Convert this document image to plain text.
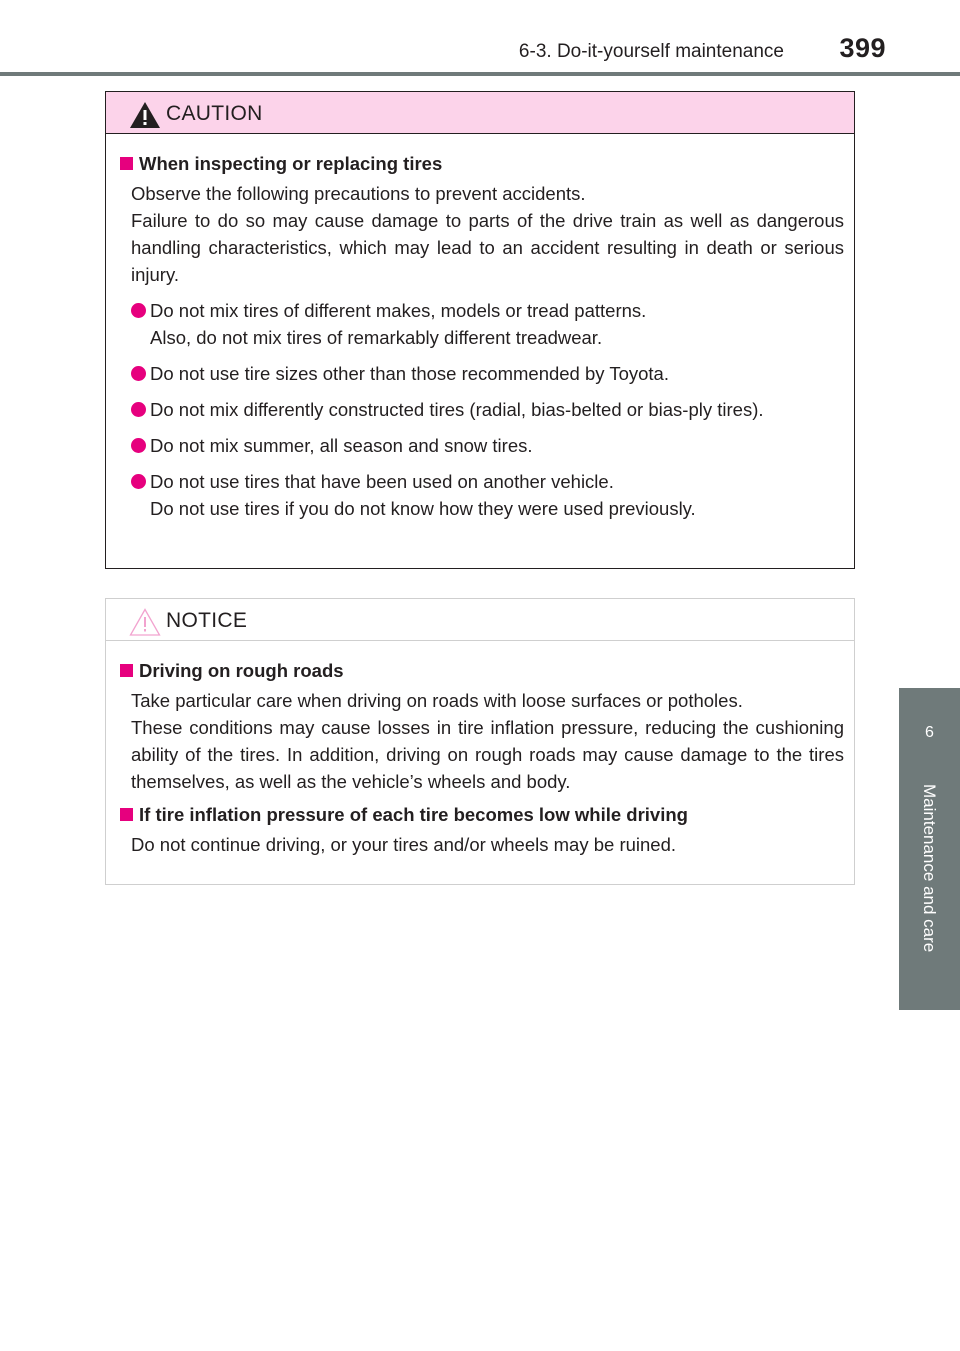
6-3. Do-it-yourself maintenance 399
6
Maintenance and care
CAUTION
When inspecting or replacing tires

Observe the following precautions to prevent accidents.

Failure to do so may cause damage to parts of the drive train as well as dangerous handling characteristics, which may lead to an accident resulting in death or serious injury.

Do not mix tires of different makes, models or tread patterns.

Also, do not mix tires of remarkably different treadwear.

Do not use tire sizes other than those recommended by Toyota.

Do not mix differently constructed tires (radial, bias-belted or bias-ply tires).

Do not mix summer, all season and snow tires.

Do not use tires that have been used on another vehicle.

Do not use tires if you do not know how they were used previously.

NOTICE
Driving on rough roads

Take particular care when driving on roads with loose surfaces or potholes.

These conditions may cause losses in tire inflation pressure, reducing the cushioning ability of the tires. In addition, driving on rough roads may cause damage to the tires themselves, as well as the vehicle’s wheels and body.

If tire inflation pressure of each tire becomes low while driving

Do not continue driving, or your tires and/or wheels may be ruined.
